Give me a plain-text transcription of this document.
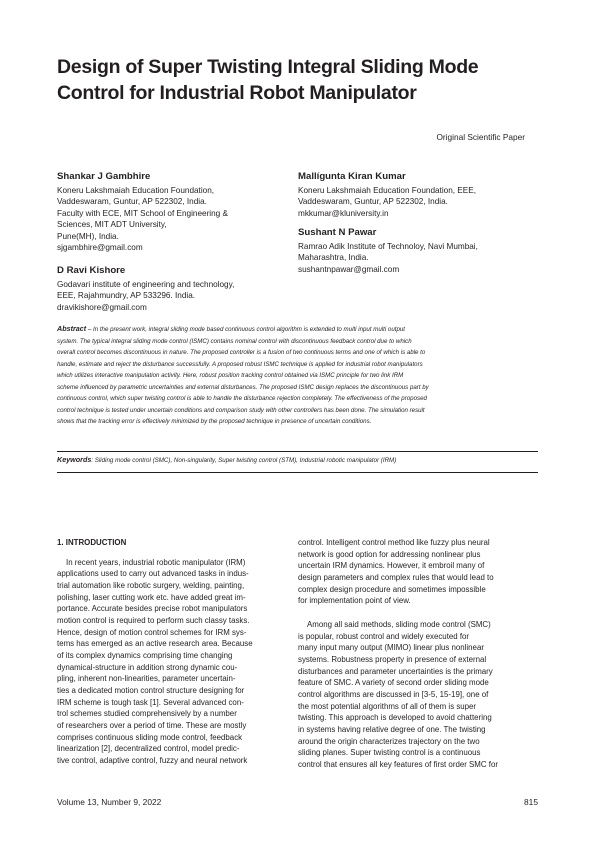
Design of Super Twisting Integral Sliding Mode
Control for Industrial Robot Manipulator
Original Scientific Paper
Shankar J Gambhire
Koneru Lakshmaiah Education Foundation,
Vaddeswaram, Guntur, AP 522302, India.
Faculty with ECE, MIT School of Engineering &
Sciences, MIT ADT University,
Pune(MH), India.
sjgambhire@gmail.com
D Ravi Kishore
Godavari institute of engineering and technology,
EEE, Rajahmundry, AP 533296. India.
dravikishore@gmail.com
Mallígunta Kiran Kumar
Koneru Lakshmaiah Education Foundation, EEE,
Vaddeswaram, Guntur, AP 522302, India.
mkkumar@kluniversity.in
Sushant N Pawar
Ramrao Adik Institute of Technoloy, Navi Mumbai,
Maharashtra, India.
sushantnpawar@gmail.com
Abstract – In the present work, integral sliding mode based continuous control algorithm is extended to multi input multi output
system. The typical integral sliding mode control (ISMC) contains nominal control with discontinuous feedback control due to which
overall control becomes discontinuous in nature. The proposed controller is a fusion of two continuous terms and one of which is able to
handle, estimate and reject the disturbance successfully. A proposed robust ISMC technique is applied for industrial robot manipulators
which utilizes interactive manipulation activity. Here, robust position tracking control obtained via ISMC principle for two link IRM
scheme influenced by parametric uncertainties and external disturbances. The proposed ISMC design replaces the discontinuous part by
continuous control, which super twisting control is able to handle the disturbance rejection completely. The effectiveness of the proposed
control technique is tested under uncertain conditions and comparison study with other controllers has been done. The simulation result
shows that the tracking error is effectively minimized by the proposed technique in presence of uncertain conditions.
Keywords: Sliding mode control (SMC), Non-singularity, Super twisting control (STM), Industrial robotic manipulator (IRM)
1. INTRODUCTION
In recent years, industrial robotic manipulator (IRM)
applications used to carry out advanced tasks in indus-
trial automation like robotic surgery, welding, painting,
polishing, laser cutting work etc. have added great im-
portance. Accurate besides precise robot manipulators
motion control is required to perform such classy tasks.
Hence, design of motion control schemes for IRM sys-
tems has emerged as an active research area. Because
of its complex dynamics comprising time changing
dynamical-structure in addition strong dynamic cou-
pling, inherent non-linearities, parameter uncertain-
ties a dedicated motion control structure designing for
IRM scheme is tough task [1]. Several advanced con-
trol schemes studied comprehensively by a number
of researchers over a period of time. These are mostly
comprises continuous sliding mode control, feedback
linearization [2], decentralized control, model predic-
tive control, adaptive control, fuzzy and neural network
control. Intelligent control method like fuzzy plus neural
network is good option for addressing nonlinear plus
uncertain IRM dynamics. However, it embroil many of
design parameters and complex rules that would lead to
complex design procedure and sometimes impossible
for implementation point of view.
Among all said methods, sliding mode control (SMC)
is popular, robust control and widely executed for
many input many output (MIMO) linear plus nonlinear
systems. Robustness property in presence of external
disturbances and parameter uncertainties is the primary
feature of SMC. A variety of second order sliding mode
control algorithms are discussed in [3-5, 15-19], one of
the most potential algorithms of all of them is super
twisting. This approach is developed to avoid chattering
in systems having relative degree of one. The twisting
around the origin characterizes trajectory on the two
sliding planes. Super twisting control is a continuous
control that ensures all key features of first order SMC for
Volume 13, Number 9, 2022	815
